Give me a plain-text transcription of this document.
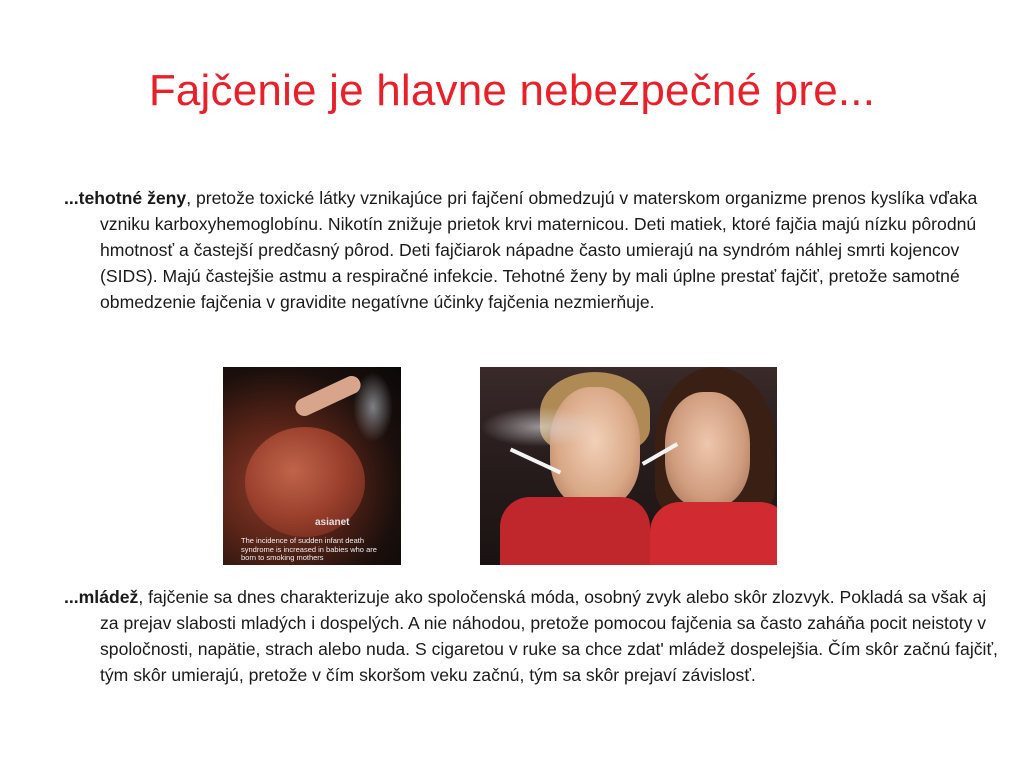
Fajčenie je hlavne nebezpečné pre...
...tehotné ženy, pretože toxické látky vznikajúce pri fajčení obmedzujú v materskom organizme prenos kyslíka vďaka vzniku karboxyhemoglobínu. Nikotín znižuje prietok krvi maternicou. Deti matiek, ktoré fajčia majú nízku pôrodnú hmotnosť a častejší predčasný pôrod. Deti fajčiarok nápadne často umierajú na syndróm náhlej smrti kojencov (SIDS). Majú častejšie astmu a respiračné infekcie. Tehotné ženy by mali úplne prestať fajčiť, pretože samotné obmedzenie fajčenia v gravidite negatívne účinky fajčenia nezmierňuje.
asianet
The incidence of sudden infant death syndrome is increased in babies who are born to smoking mothers
...mládež, fajčenie sa dnes charakterizuje ako spoločenská móda, osobný zvyk alebo skôr zlozvyk. Pokladá sa však aj za prejav slabosti mladých i dospelých. A nie náhodou, pretože pomocou fajčenia sa často zaháňa pocit neistoty v spoločnosti, napätie, strach alebo nuda. S cigaretou v ruke sa chce zdat' mládež dospelejšia. Čím skôr začnú fajčiť, tým skôr umierajú, pretože v čím skoršom veku začnú, tým sa skôr prejaví závislosť.
